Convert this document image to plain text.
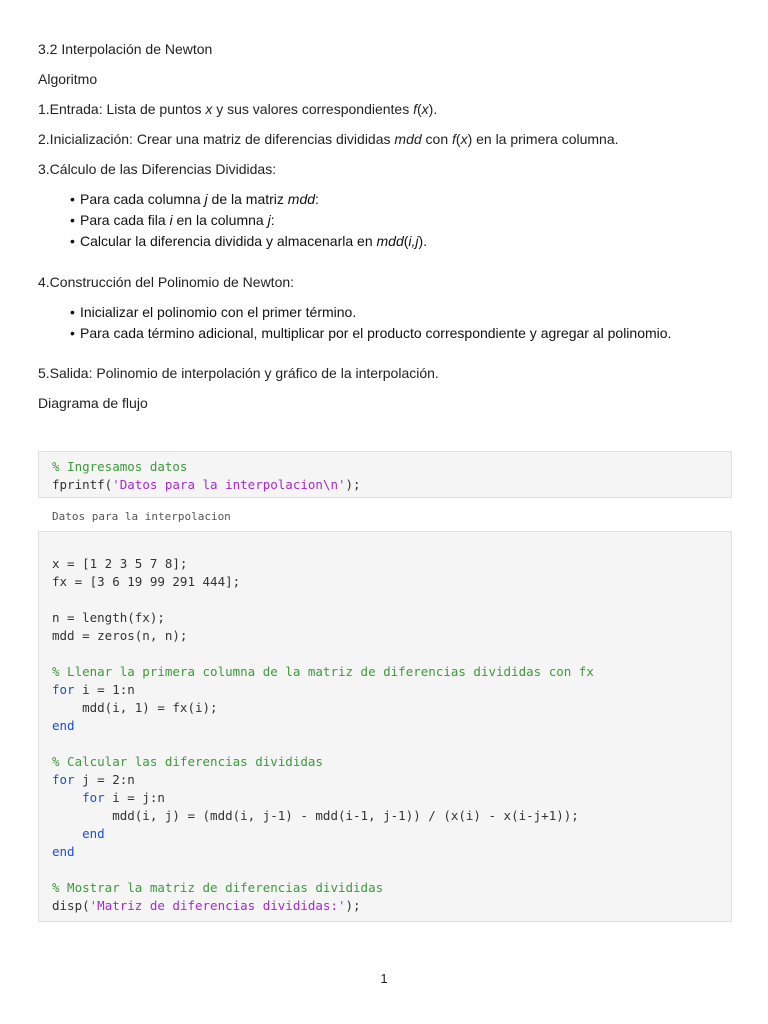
3.2 Interpolación de Newton
Algoritmo
1.Entrada: Lista de puntos x y sus valores correspondientes f(x).
2.Inicialización: Crear una matriz de diferencias divididas mdd con f(x) en la primera columna.
3.Cálculo de las Diferencias Divididas:
• Para cada columna j de la matriz mdd:
• Para cada fila i en la columna j:
• Calcular la diferencia dividida y almacenarla en mdd(i,j).
4.Construcción del Polinomio de Newton:
• Inicializar el polinomio con el primer término.
• Para cada término adicional, multiplicar por el producto correspondiente y agregar al polinomio.
5.Salida: Polinomio de interpolación y gráfico de la interpolación.
Diagrama de flujo
% Ingresamos datos
fprintf('Datos para la interpolacion\n');
Datos para la interpolacion
x = [1 2 3 5 7 8];
fx = [3 6 19 99 291 444];
n = length(fx);
mdd = zeros(n, n);
% Llenar la primera columna de la matriz de diferencias divididas con fx
for i = 1:n
mdd(i, 1) = fx(i);
end
% Calcular las diferencias divididas
for j = 2:n
for i = j:n
mdd(i, j) = (mdd(i, j-1) - mdd(i-1, j-1)) / (x(i) - x(i-j+1));
end
end
% Mostrar la matriz de diferencias divididas
disp('Matriz de diferencias divididas:');
1
